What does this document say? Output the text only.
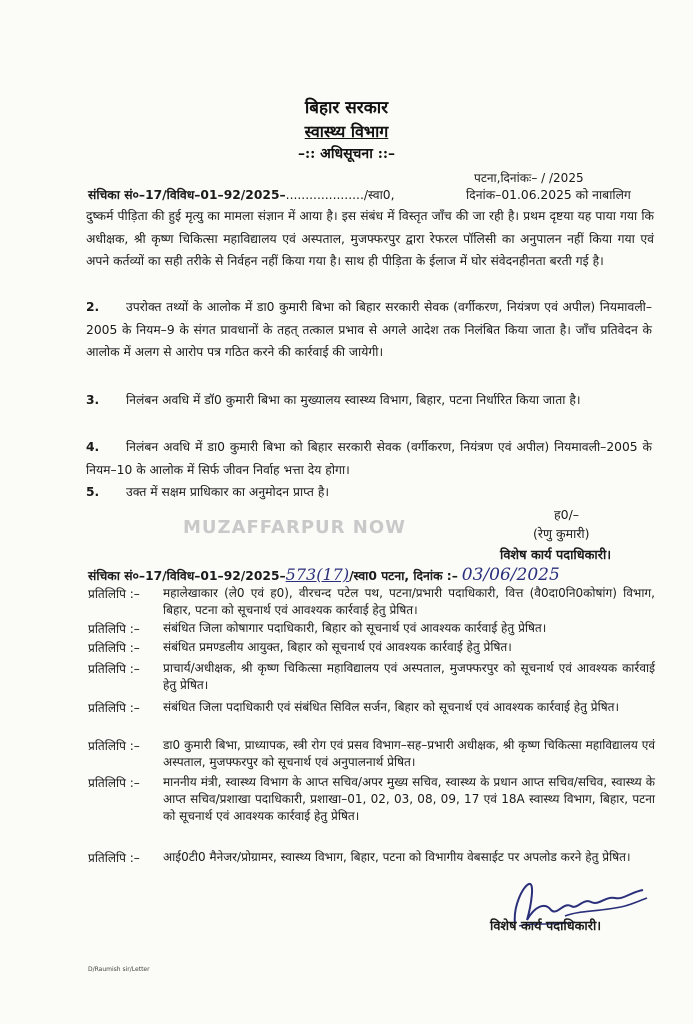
बिहार सरकार
स्वास्थ्य विभाग
–:: अधिसूचना ::–
पटना,दिनांकः– / /2025
संचिका सं०–17/विविध–01–92/2025–..................../स्वा0,	दिनांक–01.06.2025 को नाबालिग
दुष्कर्म पीड़िता की हुई मृत्यु का मामला संज्ञान में आया है। इस संबंध में विस्तृत जाँच की जा रही है। प्रथम दृष्टया यह पाया गया कि अधीक्षक, श्री कृष्ण चिकित्सा महाविद्यालय एवं अस्पताल, मुजफ्फरपुर द्वारा रेफरल पॉलिसी का अनुपालन नहीं किया गया एवं अपने कर्तव्यों का सही तरीके से निर्वहन नहीं किया गया है। साथ ही पीड़िता के ईलाज में घोर संवेदनहीनता बरती गई है।
2. उपरोक्त तथ्यों के आलोक में डा0 कुमारी बिभा को बिहार सरकारी सेवक (वर्गीकरण, नियंत्रण एवं अपील) नियमावली–2005 के नियम–9 के संगत प्रावधानों के तहत् तत्काल प्रभाव से अगले आदेश तक निलंबित किया जाता है। जाँच प्रतिवेदन के आलोक में अलग से आरोप पत्र गठित करने की कार्रवाई की जायेगी।
3. निलंबन अवधि में डॉ0 कुमारी बिभा का मुख्यालय स्वास्थ्य विभाग, बिहार, पटना निर्धारित किया जाता है।
4. निलंबन अवधि में डा0 कुमारी बिभा को बिहार सरकारी सेवक (वर्गीकरण, नियंत्रण एवं अपील) नियमावली–2005 के नियम–10 के आलोक में सिर्फ जीवन निर्वाह भत्ता देय होगा।
5. उक्त में सक्षम प्राधिकार का अनुमोदन प्राप्त है।
ह0/–
MUZAFFARPUR NOW	(रेणु कुमारी)
विशेष कार्य पदाधिकारी।
संचिका सं०–17/विविध–01–92/2025–573(17)/स्वा0 पटना, दिनांक :– 03/06/2025
प्रतिलिपि :– महालेखाकार (ले0 एवं ह0), वीरचन्द पटेल पथ, पटना/प्रभारी पदाधिकारी, वित्त (वै0दा0नि0कोषांग) विभाग, बिहार, पटना को सूचनार्थ एवं आवश्यक कार्रवाई हेतु प्रेषित।
प्रतिलिपि :– संबंधित जिला कोषागार पदाधिकारी, बिहार को सूचनार्थ एवं आवश्यक कार्रवाई हेतु प्रेषित।
प्रतिलिपि :– संबंधित प्रमण्डलीय आयुक्त, बिहार को सूचनार्थ एवं आवश्यक कार्रवाई हेतु प्रेषित।
प्रतिलिपि :– प्राचार्य/अधीक्षक, श्री कृष्ण चिकित्सा महाविद्यालय एवं अस्पताल, मुजफ्फरपुर को सूचनार्थ एवं आवश्यक कार्रवाई हेतु प्रेषित।
प्रतिलिपि :– संबंधित जिला पदाधिकारी एवं संबंधित सिविल सर्जन, बिहार को सूचनार्थ एवं आवश्यक कार्रवाई हेतु प्रेषित।
प्रतिलिपि :– डा0 कुमारी बिभा, प्राध्यापक, स्त्री रोग एवं प्रसव विभाग–सह–प्रभारी अधीक्षक, श्री कृष्ण चिकित्सा महाविद्यालय एवं अस्पताल, मुजफ्फरपुर को सूचनार्थ एवं अनुपालनार्थ प्रेषित।
प्रतिलिपि :– माननीय मंत्री, स्वास्थ्य विभाग के आप्त सचिव/अपर मुख्य सचिव, स्वास्थ्य के प्रधान आप्त सचिव/सचिव, स्वास्थ्य के आप्त सचिव/प्रशाखा पदाधिकारी, प्रशाखा–01, 02, 03, 08, 09, 17 एवं 18A स्वास्थ्य विभाग, बिहार, पटना को सूचनार्थ एवं आवश्यक कार्रवाई हेतु प्रेषित।
प्रतिलिपि :– आई0टी0 मैनेजर/प्रोग्रामर, स्वास्थ्य विभाग, बिहार, पटना को विभागीय वेबसाईट पर अपलोड करने हेतु प्रेषित।
विशेष कार्य पदाधिकारी।
D/Raumish sir/Letter
